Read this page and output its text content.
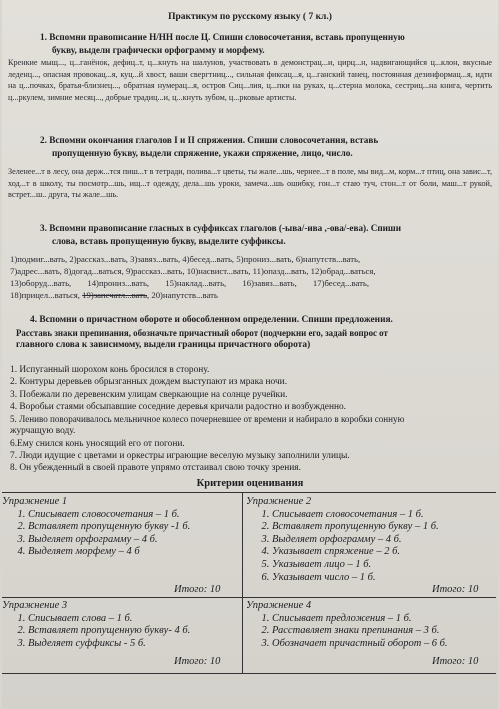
Практикум по русскому языку ( 7 кл.)
1. Вспомни правописание Н/НН после Ц. Спиши словосочетания, вставь пропущенную
букву, выдели графически орфограмму и морфему.
Кренкие мыщ..., ц...ганёнок, дефиц..т, ц...кнуть на шалунов, участвовать в демонстрац...и, цирц...н, надвигающийся ц...клон, вкусные леденц..., опасная провокац...я, куц...й хвост, ваши свергтниц..., сильная фиксац...я, ц...ганский танец, постоянная дезинформац...я, идти на ц...почках, братья-близнец..., обратная нумерац...я, остров Сиц...лия, ц...пки на руках, ц...стерна молока, сестриц...на книга, чертить ц...ркулем, зимние месяц..., добрые традиц...и, ц...кнуть зубом, ц...рковые артисты.
2. Вспомни окончания глаголов I и II спряжения. Спиши словосочетания, вставь
пропущенную букву, выдели спряжение, укажи спряжение, лицо, число.
Зеленее...т в лесу, она держ...тся пиш...т в тетради, полива...т цветы, ты жале...шь, чернее...т в поле, мы вид...м, корм...т птиц, она завис...т, ход...т в школу, ты посмотр...шь, ищ...т одежду, дела...шь уроки, замеча...шь ошибку, гон...т стаю туч, стон...т от боли, маш...т рукой, встрет...ш.. друга, ты жале...шь.
3. Вспомни правописание гласных в суффиксах глаголов (-ыва/-ива ,-ова/-ева). Спиши
слова, вставь пропущенную букву, выделите суффиксы.
1)подмиг...вать, 2)рассказ...вать, 3)завяз...вать, 4)бесед...вать, 5)прониз...вать, 6)напутств...вать,
7)адрес...вать, 8)догад...ваться, 9)рассказ...вать, 10)насвист...вать, 11)опазд...вать, 12)обрад...ваться,
13)оборуд...вать, 14)прониз...вать, 15)наклад...вать, 16)завяз...вать, 17)бесед...вать,
18)прицел...ваться, 19)запечатл...вать, 20)напутств...вать
4. Вспомни о причастном обороте и обособленном определении. Спиши предложения.
Расставь знаки препинания, обозначьте причастный оборот (подчеркни его, задай вопрос от
главного слова к зависимому, выдели границы причастного оборота)
1. Испуганный шорохом конь бросился в сторону.
2. Контуры деревьев обрызганных дождем выступают из мрака ночи.
3. Побежали по деревенским улицам сверкающие на солнце ручейки.
4. Воробьи стаями обсыпавшие соседние деревья кричали радостно и возбужденно.
5. Лениво поворачивалось мельничное колесо почерневшее от времени и набирало в коробки сонную
журчащую воду.
6.Ему снился конь уносящий его от погони.
7. Люди идущие с цветами и оркестры играющие веселую музыку заполнили улицы.
8. Он убежденный в своей правоте упрямо отстаивал свою точку зрения.
Критерии оценивания
Упражнение 1
1. Списывает словосочетания – 1 б.
2. Вставляет пропущенную букву -1 б.
3. Выделяет орфограмму – 4 б.
4. Выделяет морфему – 4 б
Итого: 10
Упражнение 2
1. Списывает словосочетания – 1 б.
2. Вставляет пропущенную букву – 1 б.
3. Выделяет орфограмму – 4 б.
4. Указывает спряжение – 2 б.
5. Указывает лицо – 1 б.
6. Указывает число – 1 б.
Итого: 10
Упражнение 3
1. Списывает слова – 1 б.
2. Вставляет пропущенную букву- 4 б.
3. Выделяет суффиксы - 5 б.
Итого: 10
Упражнение 4
1. Списывает предложения – 1 б.
2. Расставляет знаки препинания – 3 б.
3. Обозначает причастный оборот – 6 б.
Итого: 10
